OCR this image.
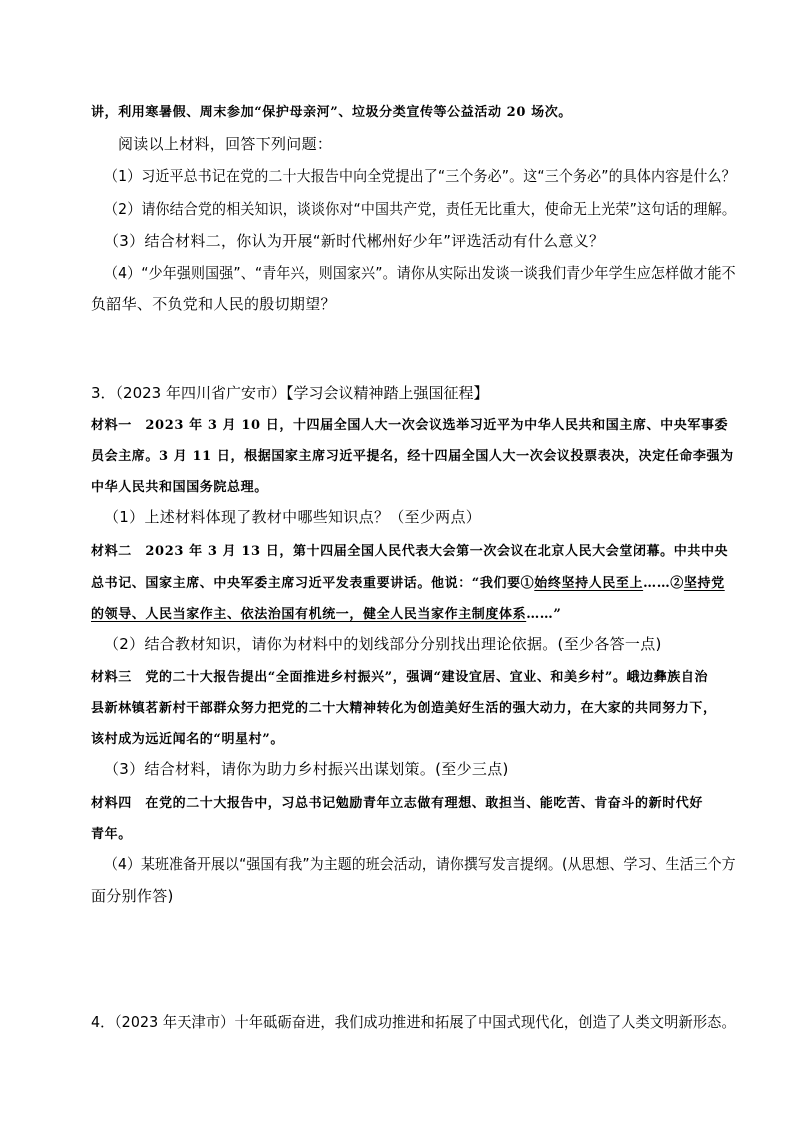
讲，利用寒暑假、周末参加“保护母亲河”、垃圾分类宣传等公益活动 20 场次。
阅读以上材料，回答下列问题：
（1）习近平总书记在党的二十大报告中向全党提出了“三个务必”。这“三个务必”的具体内容是什么？
（2）请你结合党的相关知识，谈谈你对“中国共产党，责任无比重大，使命无上光荣”这句话的理解。
（3）结合材料二，你认为开展“新时代郴州好少年”评选活动有什么意义？
（4）“少年强则国强”、“青年兴，则国家兴”。请你从实际出发谈一谈我们青少年学生应怎样做才能不
负韶华、不负党和人民的殷切期望？
3．（2023 年四川省广安市）【学习会议精神踏上强国征程】
材料一　2023 年 3 月 10 日，十四届全国人大一次会议选举习近平为中华人民共和国主席、中央军事委
员会主席。3 月 11 日，根据国家主席习近平提名，经十四届全国人大一次会议投票表决，决定任命李强为
中华人民共和国国务院总理。
（1）上述材料体现了教材中哪些知识点？（至少两点）
材料二　2023 年 3 月 13 日，第十四届全国人民代表大会第一次会议在北京人民大会堂闭幕。中共中央
总书记、国家主席、中央军委主席习近平发表重要讲话。他说：“我们要①始终坚持人民至上……②坚持党
的领导、人民当家作主、依法治国有机统一，健全人民当家作主制度体系……”
（2）结合教材知识，请你为材料中的划线部分分别找出理论依据。(至少各答一点)
材料三　党的二十大报告提出“全面推进乡村振兴”，强调“建设宜居、宜业、和美乡村”。峨边彝族自治
县新林镇茗新村干部群众努力把党的二十大精神转化为创造美好生活的强大动力，在大家的共同努力下，
该村成为远近闻名的“明星村”。
（3）结合材料，请你为助力乡村振兴出谋划策。(至少三点)
材料四　在党的二十大报告中，习总书记勉励青年立志做有理想、敢担当、能吃苦、肯奋斗的新时代好
青年。
（4）某班准备开展以“强国有我”为主题的班会活动，请你撰写发言提纲。(从思想、学习、生活三个方
面分别作答)
4．（2023 年天津市）十年砥砺奋进，我们成功推进和拓展了中国式现代化，创造了人类文明新形态。
